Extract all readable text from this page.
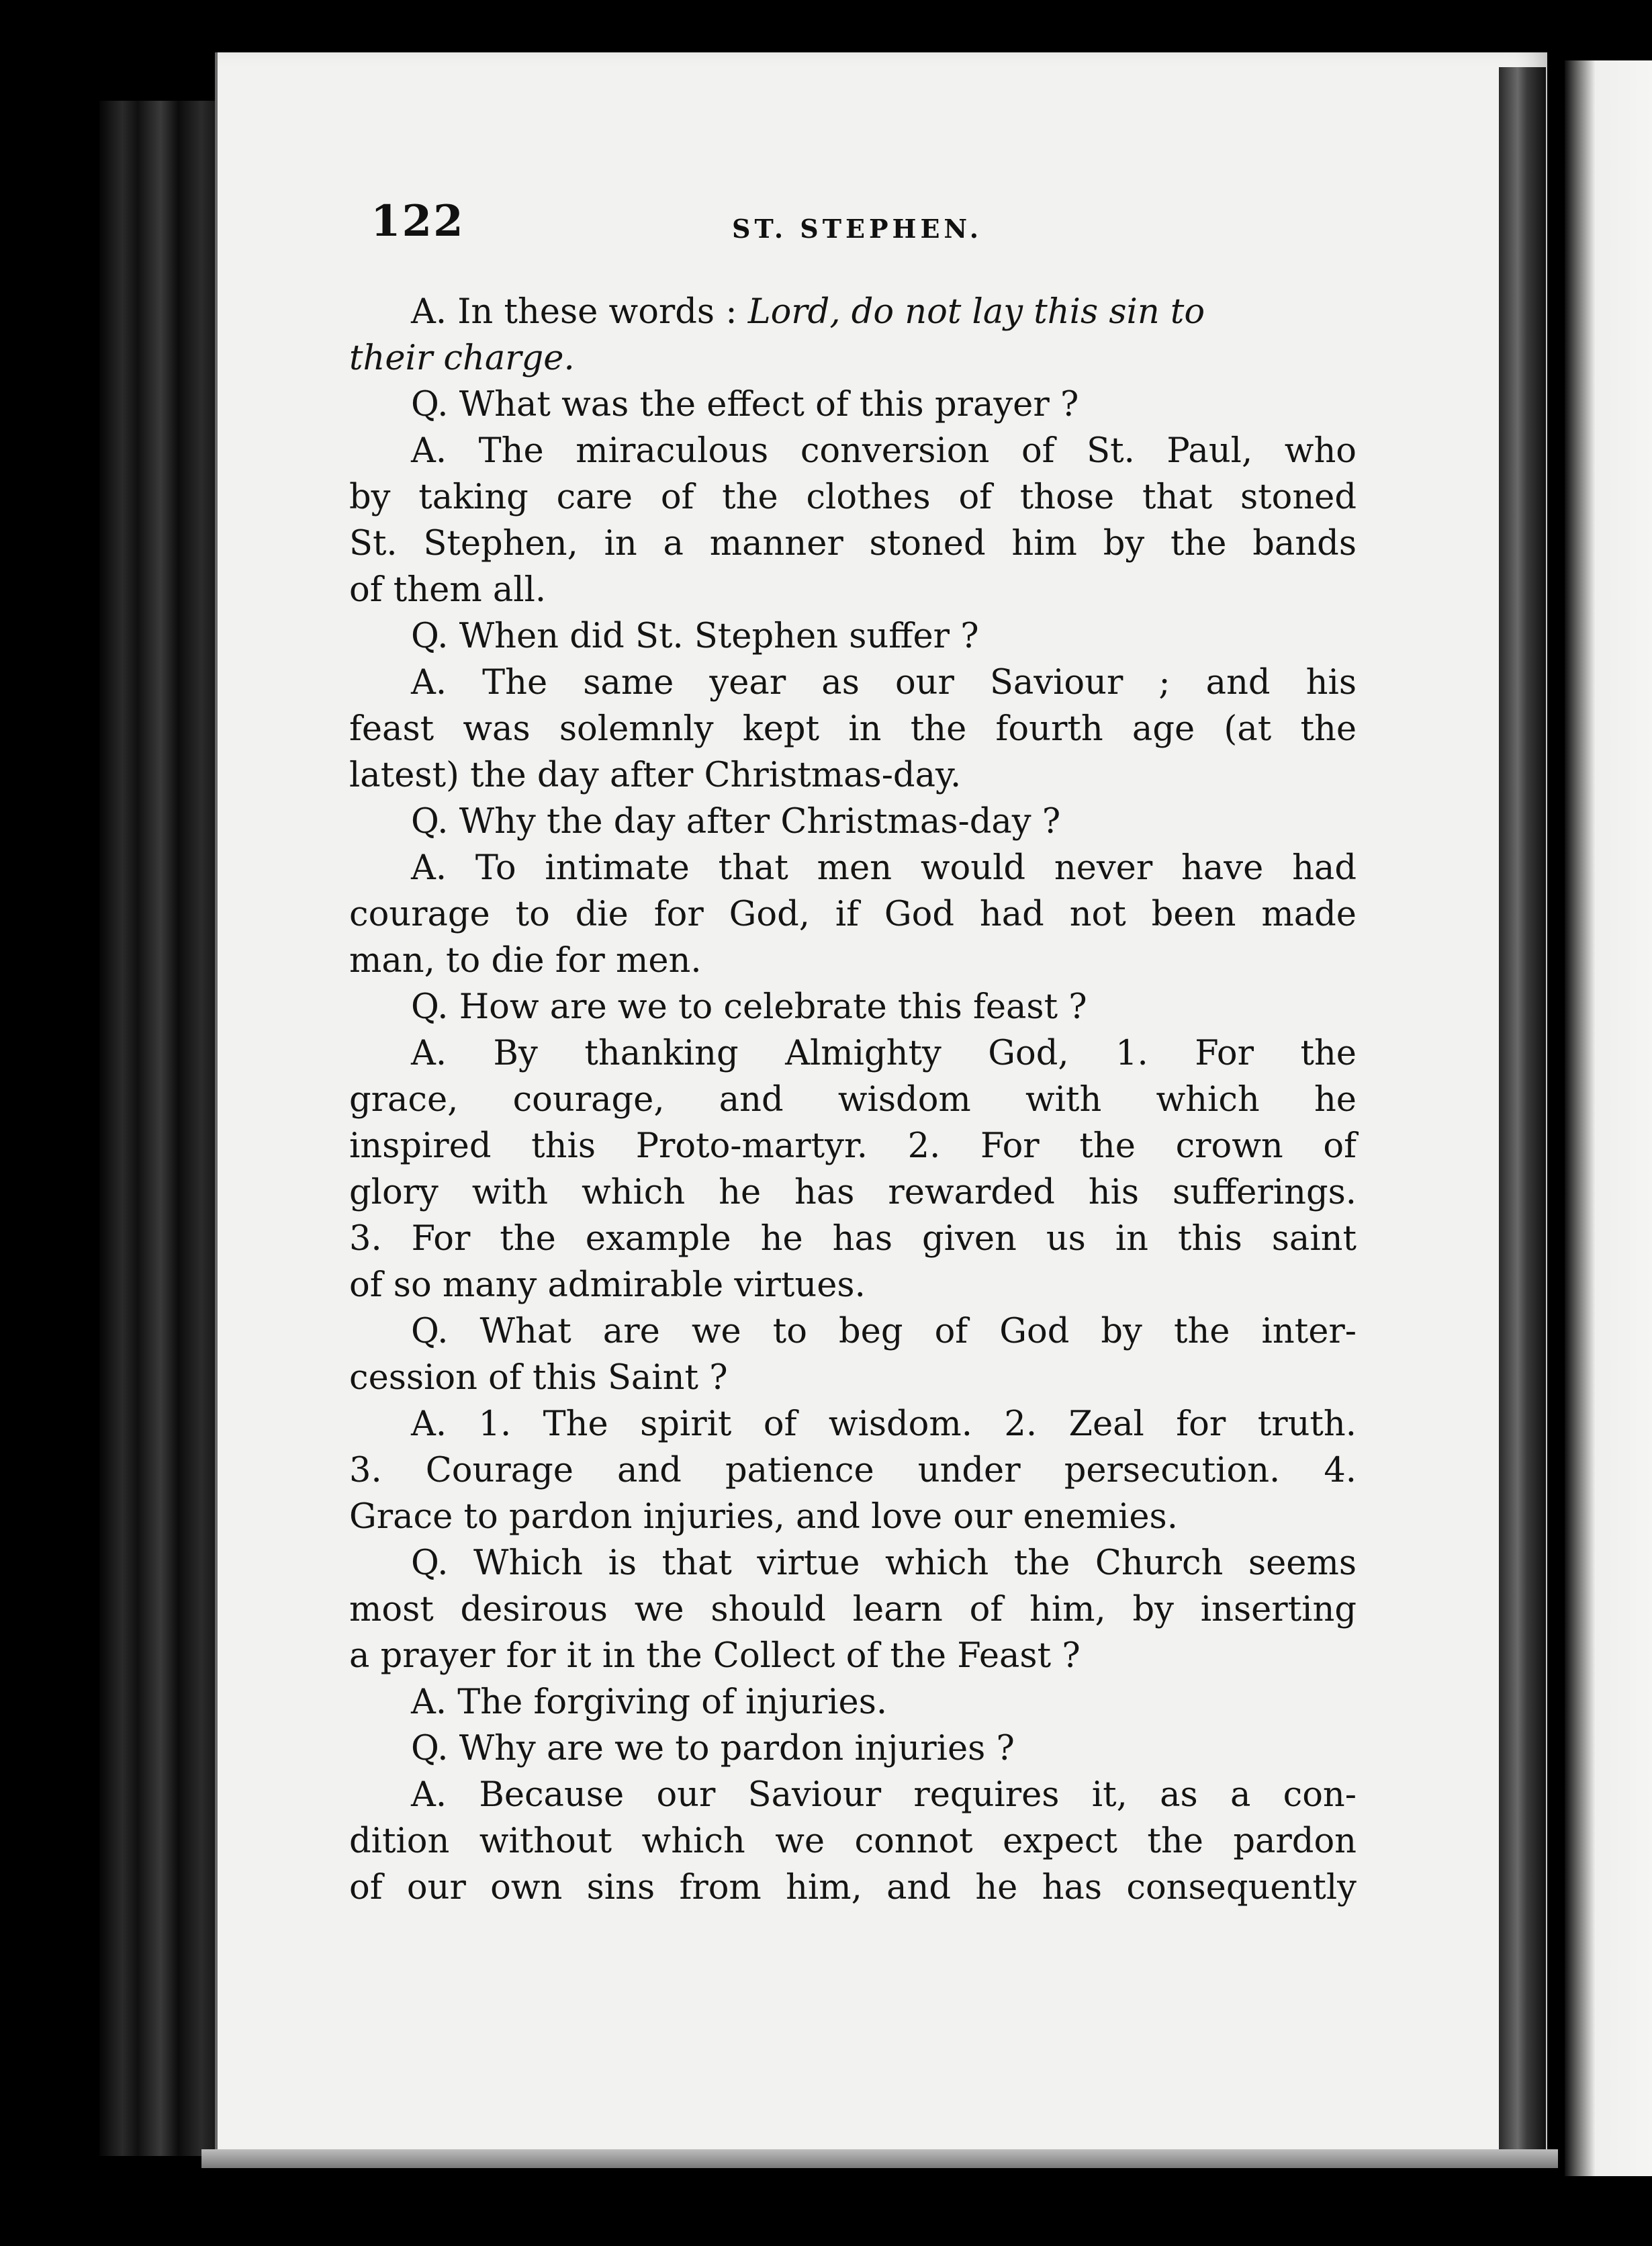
122	ST. STEPHEN.
A. In these words : Lord, do not lay this sin to
their charge.
Q. What was the effect of this prayer ?
A. The miraculous conversion of St. Paul, who
by taking care of the clothes of those that stoned
St. Stephen, in a manner stoned him by the bands
of them all.
Q. When did St. Stephen suffer ?
A. The same year as our Saviour ; and his
feast was solemnly kept in the fourth age (at the
latest) the day after Christmas-day.
Q. Why the day after Christmas-day ?
A. To intimate that men would never have had
courage to die for God, if God had not been made
man, to die for men.
Q. How are we to celebrate this feast ?
A. By thanking Almighty God, 1. For the
grace, courage, and wisdom with which he
inspired this Proto-martyr. 2. For the crown of
glory with which he has rewarded his sufferings.
3. For the example he has given us in this saint
of so many admirable virtues.
Q. What are we to beg of God by the inter-
cession of this Saint ?
A. 1. The spirit of wisdom. 2. Zeal for truth.
3. Courage and patience under persecution. 4.
Grace to pardon injuries, and love our enemies.
Q. Which is that virtue which the Church seems
most desirous we should learn of him, by inserting
a prayer for it in the Collect of the Feast ?
A. The forgiving of injuries.
Q. Why are we to pardon injuries ?
A. Because our Saviour requires it, as a con-
dition without which we connot expect the pardon
of our own sins from him, and he has consequently
